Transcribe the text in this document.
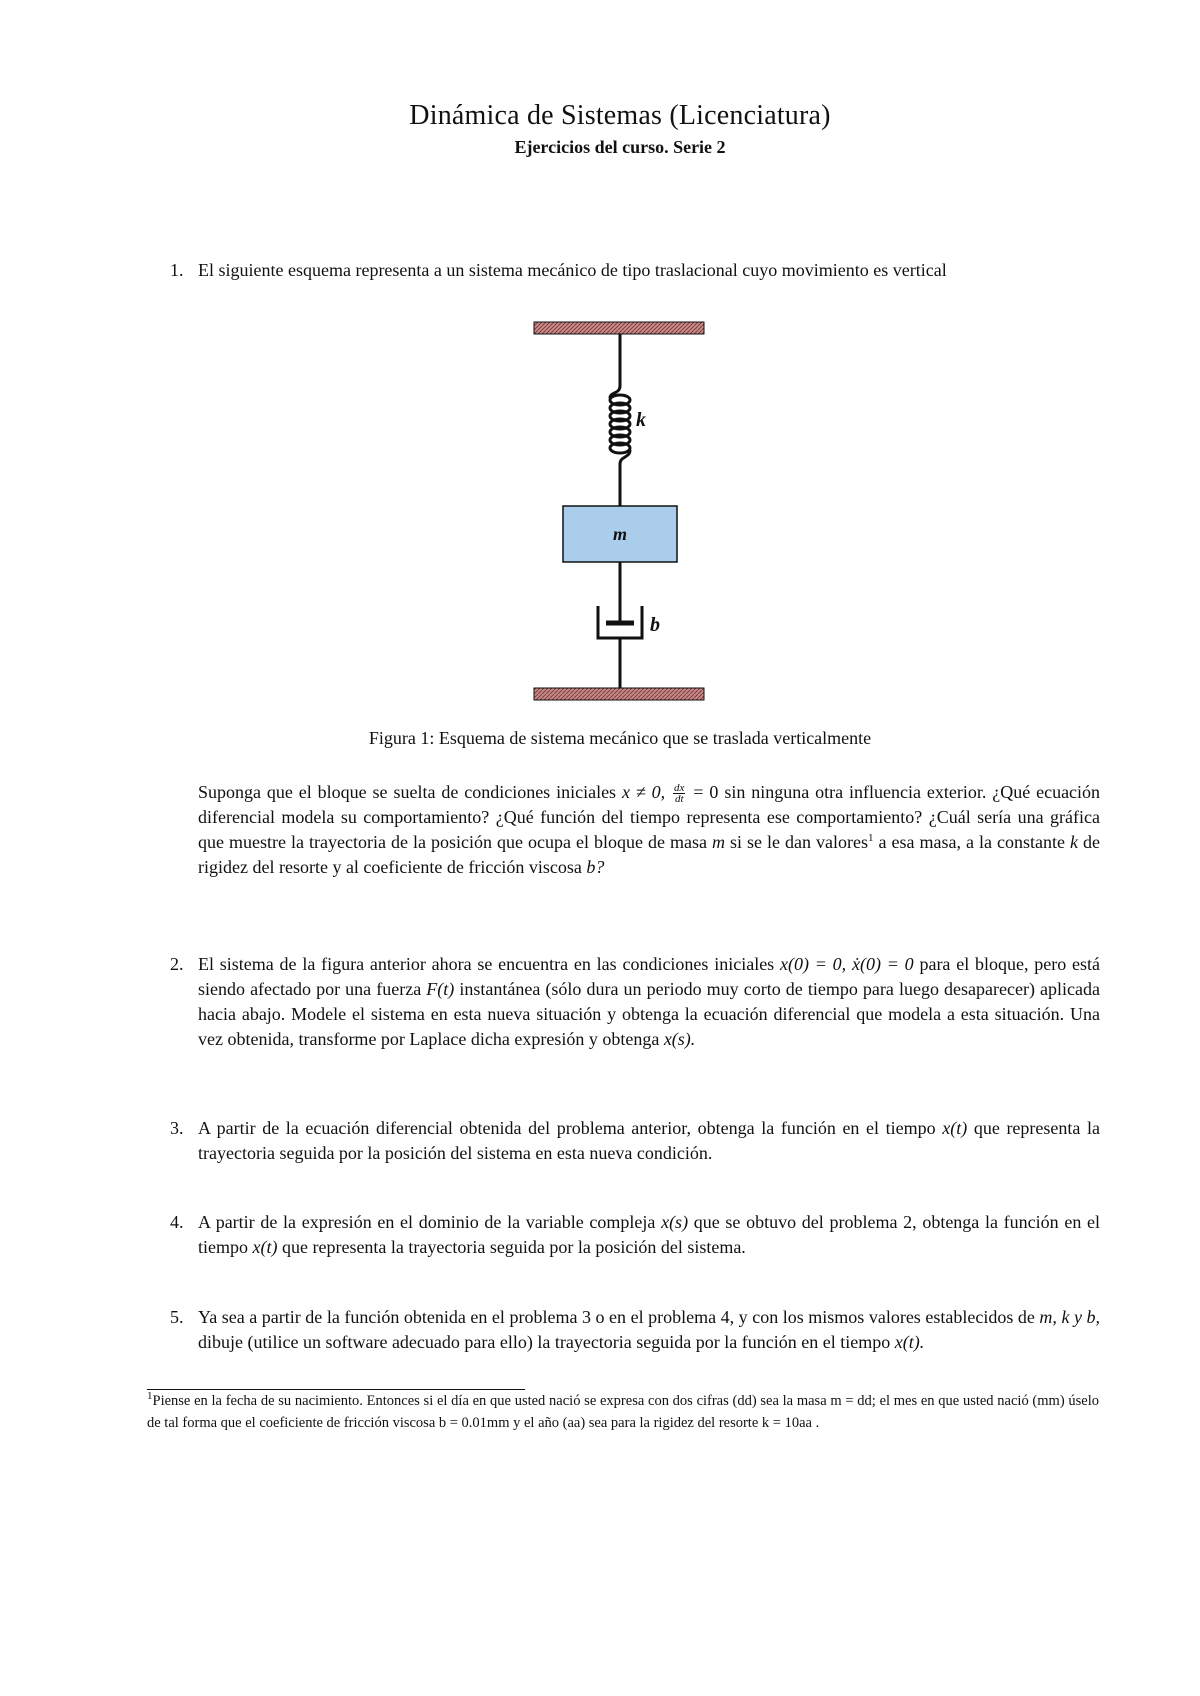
Dinámica de Sistemas (Licenciatura)
Ejercicios del curso. Serie 2
1. El siguiente esquema representa a un sistema mecánico de tipo traslacional cuyo movimiento es vertical
k
m
b
Figura 1: Esquema de sistema mecánico que se traslada verticalmente
Suponga que el bloque se suelta de condiciones iniciales x ≠ 0, $\frac{dx}{dt} = 0$ sin ninguna otra influencia exterior. ¿Qué ecuación diferencial modela su comportamiento? ¿Qué función del tiempo representa ese comportamiento? ¿Cuál sería una gráfica que muestre la trayectoria de la posición que ocupa el bloque de masa m si se le dan valores$^1$ a esa masa, a la constante k de rigidez del resorte y al coeficiente de fricción viscosa b?
2. El sistema de la figura anterior ahora se encuentra en las condiciones iniciales x(0) = 0, ẋ(0) = 0 para el bloque, pero está siendo afectado por una fuerza F(t) instantánea (sólo dura un periodo muy corto de tiempo para luego desaparecer) aplicada hacia abajo. Modele el sistema en esta nueva situación y obtenga la ecuación diferencial que modela a esta situación. Una vez obtenida, transforme por Laplace dicha expresión y obtenga x(s).
3. A partir de la ecuación diferencial obtenida del problema anterior, obtenga la función en el tiempo x(t) que representa la trayectoria seguida por la posición del sistema en esta nueva condición.
4. A partir de la expresión en el dominio de la variable compleja x(s) que se obtuvo del problema 2, obtenga la función en el tiempo x(t) que representa la trayectoria seguida por la posición del sistema.
5. Ya sea a partir de la función obtenida en el problema 3 o en el problema 4, y con los mismos valores establecidos de m, k y b, dibuje (utilice un software adecuado para ello) la trayectoria seguida por la función en el tiempo x(t).
$^1$Piense en la fecha de su nacimiento. Entonces si el día en que usted nació se expresa con dos cifras (dd) sea la masa m = dd; el mes en que usted nació (mm) úselo de tal forma que el coeficiente de fricción viscosa b = 0.01mm y el año (aa) sea para la rigidez del resorte k = 10aa .
